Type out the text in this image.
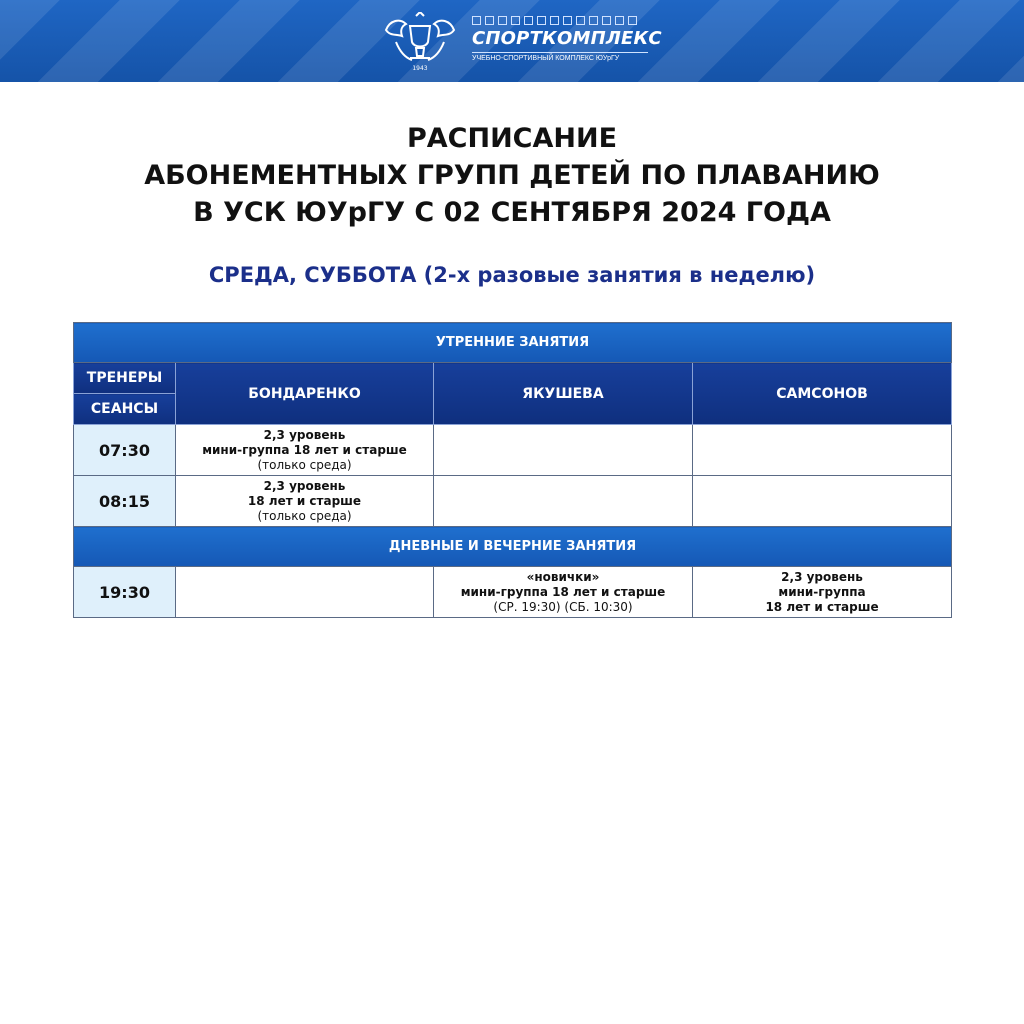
1943
СПОРТКОМПЛЕКС
УЧЕБНО-СПОРТИВНЫЙ КОМПЛЕКС ЮУрГУ
РАСПИСАНИЕ
АБОНЕМЕНТНЫХ ГРУПП ДЕТЕЙ ПО ПЛАВАНИЮ
В УСК ЮУрГУ С 02 СЕНТЯБРЯ 2024 ГОДА
СРЕДА, СУББОТА (2-х разовые занятия в неделю)
УТРЕННИЕ ЗАНЯТИЯ			
ТРЕНЕРЫ	БОНДАРЕНКО	ЯКУШЕВА	САМСОНОВ
СЕАНСЫ			
07:30	2,3 уровень
мини-группа 18 лет и старше
(только среда)		

08:15	2,3 уровень
18 лет и старше
(только среда)		

ДНЕВНЫЕ И ВЕЧЕРНИЕ ЗАНЯТИЯ			
19:30		«новички»
мини-группа 18 лет и старше
(СР. 19:30) (СБ. 10:30)	2,3 уровень
мини-группа
18 лет и старше
